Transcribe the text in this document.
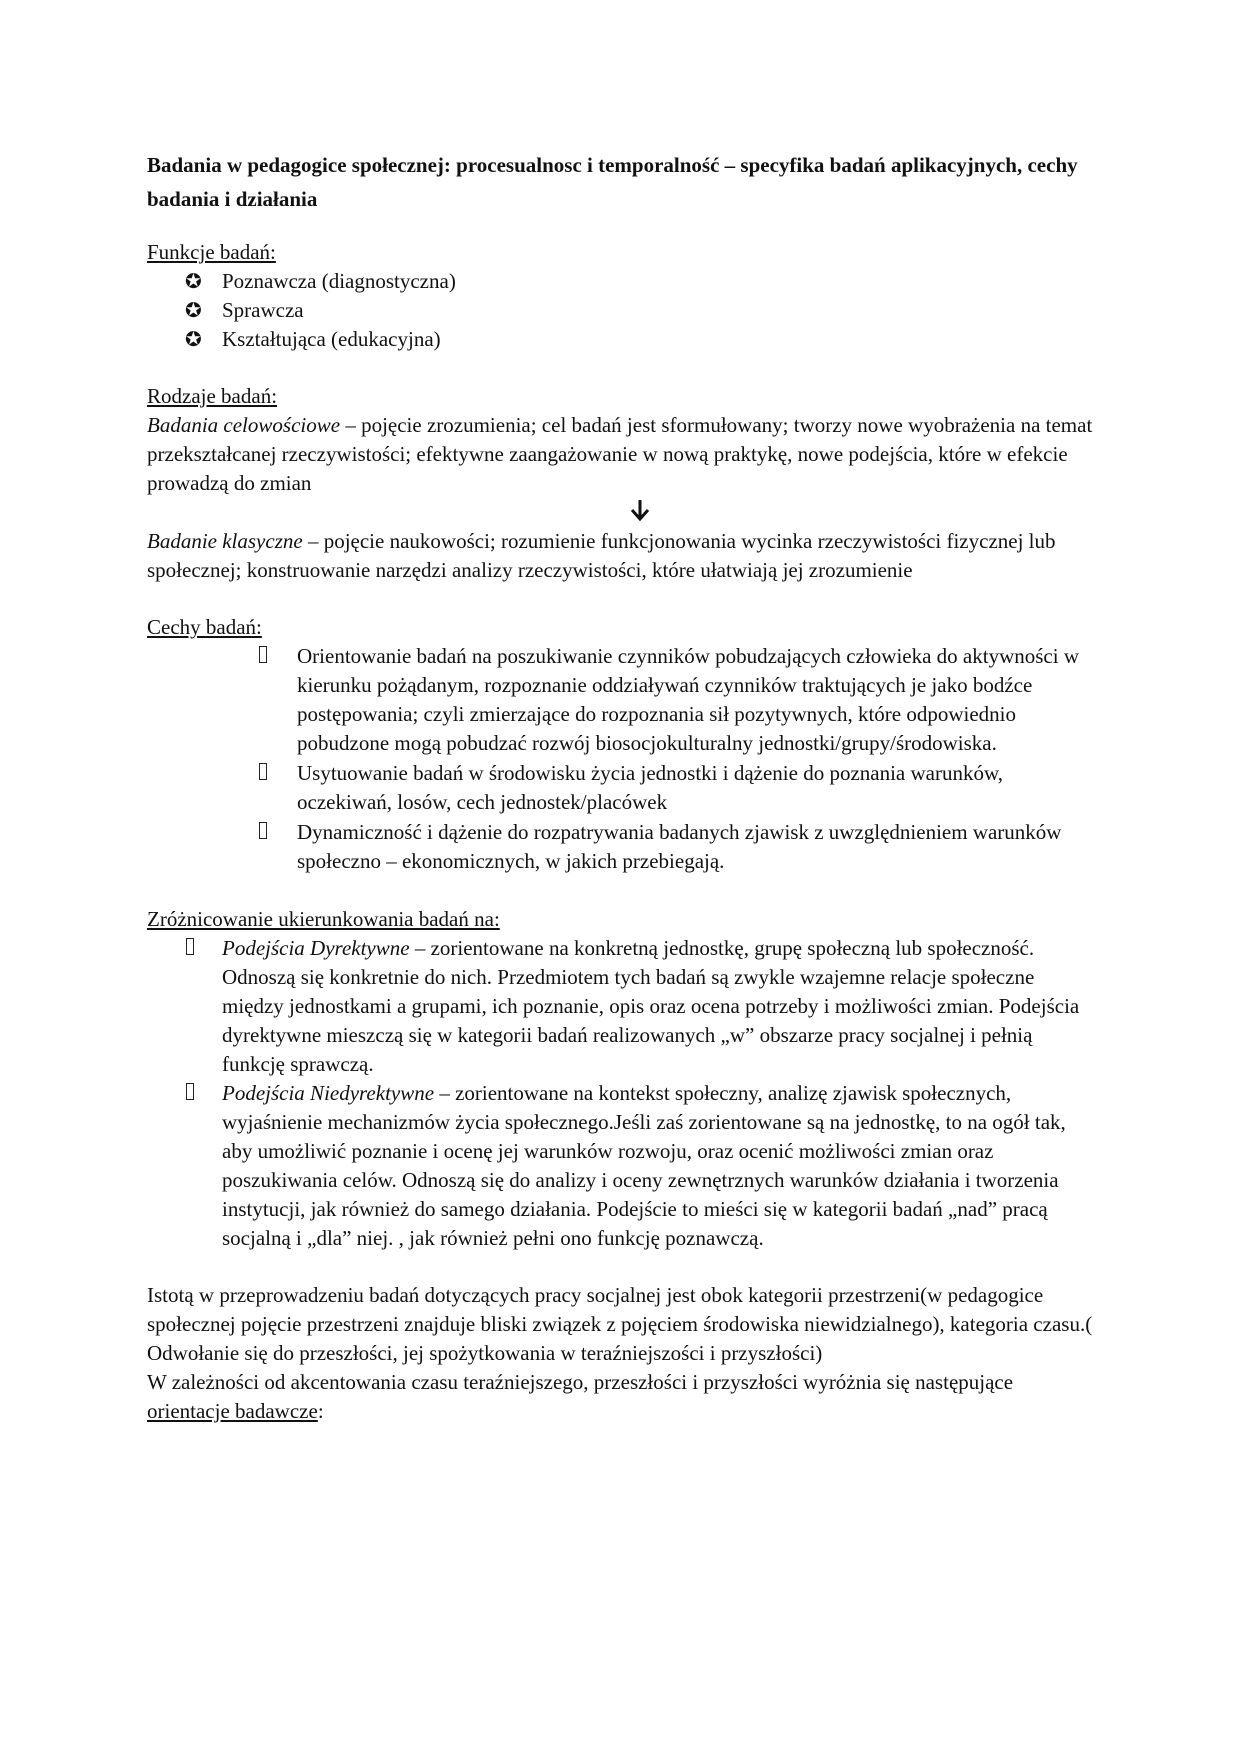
Badania w pedagogice społecznej: procesualnosc i temporalność – specyfika badań aplikacyjnych, cechy badania i działania
Funkcje badań:
✪ Poznawcza (diagnostyczna)
✪ Sprawcza
✪ Kształtująca (edukacyjna)
Rodzaje badań:

Badania celowościowe – pojęcie zrozumienia; cel badań jest sformułowany; tworzy nowe wyobrażenia na temat przekształcanej rzeczywistości; efektywne zaangażowanie w nową praktykę, nowe podejścia, które w efekcie prowadzą do zmian

Badanie klasyczne – pojęcie naukowości; rozumienie funkcjonowania wycinka rzeczywistości fizycznej lub społecznej; konstruowanie narzędzi analizy rzeczywistości, które ułatwiają jej zrozumienie

Cechy badań:
Orientowanie badań na poszukiwanie czynników pobudzających człowieka do aktywności w kierunku pożądanym, rozpoznanie oddziaływań czynników traktujących je jako bodźce postępowania; czyli zmierzające do rozpoznania sił pozytywnych, które odpowiednio pobudzone mogą pobudzać rozwój biosocjokulturalny jednostki/grupy/środowiska.
Usytuowanie badań w środowisku życia jednostki i dążenie do poznania warunków, oczekiwań, losów, cech jednostek/placówek
Dynamiczność i dążenie do rozpatrywania badanych zjawisk z uwzględnieniem warunków społeczno – ekonomicznych, w jakich przebiegają.
Zróżnicowanie ukierunkowania badań na:
Podejścia Dyrektywne – zorientowane na konkretną jednostkę, grupę społeczną lub społeczność. Odnoszą się konkretnie do nich. Przedmiotem tych badań są zwykle wzajemne relacje społeczne między jednostkami a grupami, ich poznanie, opis oraz ocena potrzeby i możliwości zmian. Podejścia dyrektywne mieszczą się w kategorii badań realizowanych „w” obszarze pracy socjalnej i pełnią funkcję sprawczą.
Podejścia Niedyrektywne – zorientowane na kontekst społeczny, analizę zjawisk społecznych, wyjaśnienie mechanizmów życia społecznego.Jeśli zaś zorientowane są na jednostkę, to na ogół tak, aby umożliwić poznanie i ocenę jej warunków rozwoju, oraz ocenić możliwości zmian oraz poszukiwania celów. Odnoszą się do analizy i oceny zewnętrznych warunków działania i tworzenia instytucji, jak również do samego działania. Podejście to mieści się w kategorii badań „nad” pracą socjalną i „dla” niej. , jak również pełni ono funkcję poznawczą.

Istotą w przeprowadzeniu badań dotyczących pracy socjalnej jest obok kategorii przestrzeni(w pedagogice społecznej pojęcie przestrzeni znajduje bliski związek z pojęciem środowiska niewidzialnego), kategoria czasu.( Odwołanie się do przeszłości, jej spożytkowania w teraźniejszości i przyszłości)

W zależności od akcentowania czasu teraźniejszego, przeszłości i przyszłości wyróżnia się następujące orientacje badawcze:
